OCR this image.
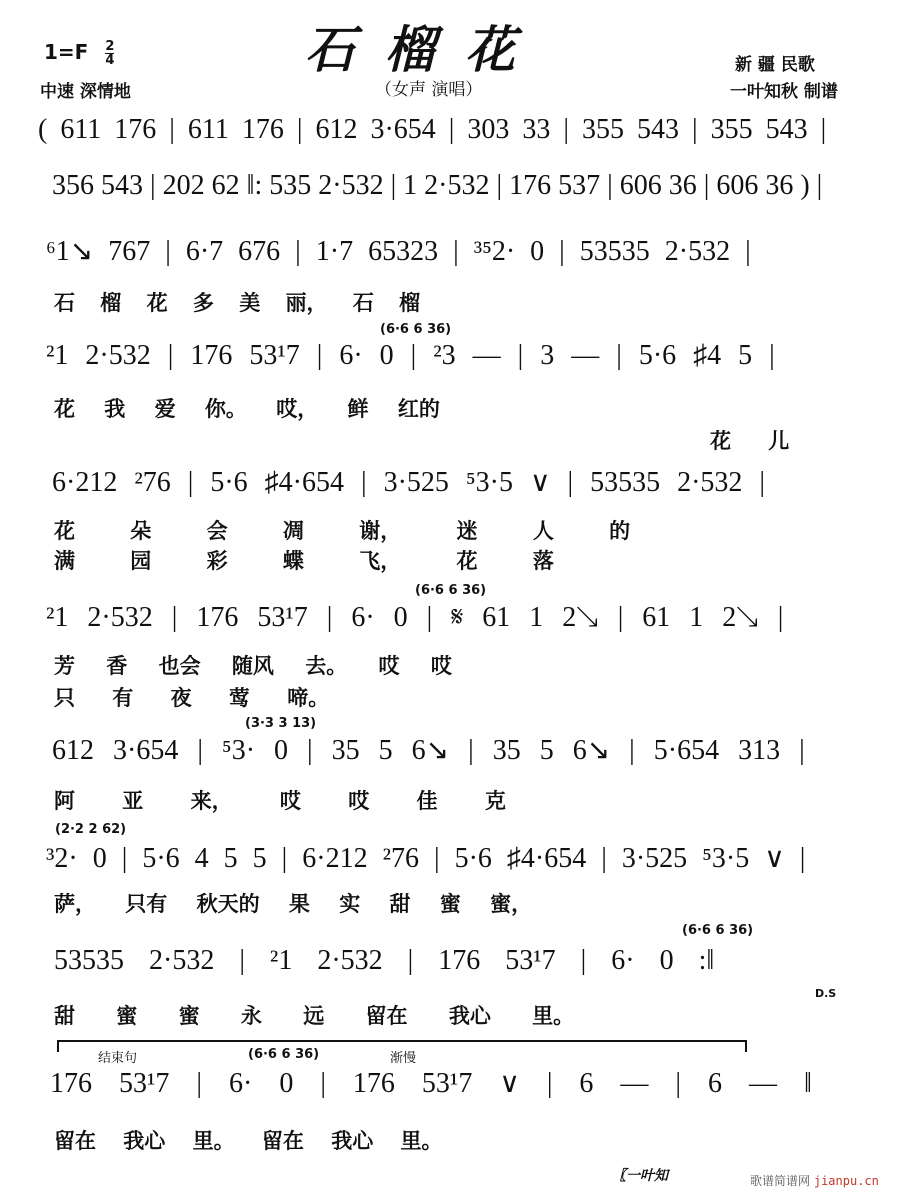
$1=F \frac{2}{4}$
中速 深情地
石榴花
（女声 演唱）
新 疆 民歌
一叶知秋 制谱
( 611 176 | 611 176 | 612 3·654 | 303 33 | 355 543 | 355 543 |
356 543 | 202 62 ‖: 535 2·532 | 1 2·532 | 176 537 | 606 36 | 606 36 ) |
⁶1↘ 767 | 6·7 676 | 1·7 65323 | ³⁵2· 0 | 53535 2·532 |
石 榴 花 多 美 丽， 石 榴
(6·6 6 36)
²1 2·532 | 176 53¹7 | 6· 0 | ²3 — | 3 — | 5·6 ♯4 5 |
花 我 爱 你。 哎， 鲜 红的
花 儿
6·212 ²76 | 5·6 ♯4·654 | 3·525 ⁵3·5 ∨ | 53535 2·532 |
花 朵 会 凋 谢， 迷 人 的
满 园 彩 蝶 飞， 花 落
(6·6 6 36)
²1 2·532 | 176 53¹7 | 6· 0 | 𝄋 61 1 2↘ | 61 1 2↘ |
芳 香 也会 随风 去。 哎 哎
只 有 夜 莺 啼。
(3·3 3 13)
612 3·654 | ⁵3· 0 | 35 5 6↘ | 35 5 6↘ | 5·654 313 |
阿 亚 来， 哎 哎 佳 克
(2·2 2 62)
³2· 0 | 5·6 4 5 5 | 6·212 ²76 | 5·6 ♯4·654 | 3·525 ⁵3·5 ∨ |
萨， 只有 秋天的 果 实 甜 蜜 蜜，
(6·6 6 36)
53535 2·532 | ²1 2·532 | 176 53¹7 | 6· 0 :‖
D.S
甜 蜜 蜜 永 远 留在 我心 里。
结束句	(6·6 6 36)	渐慢
176 53¹7 | 6· 0 | 176 53¹7 ∨ | 6 — | 6 — ‖
留在 我心 里。 留在 我心 里。
〖一叶知	歌谱简谱网 jianpu.cn
